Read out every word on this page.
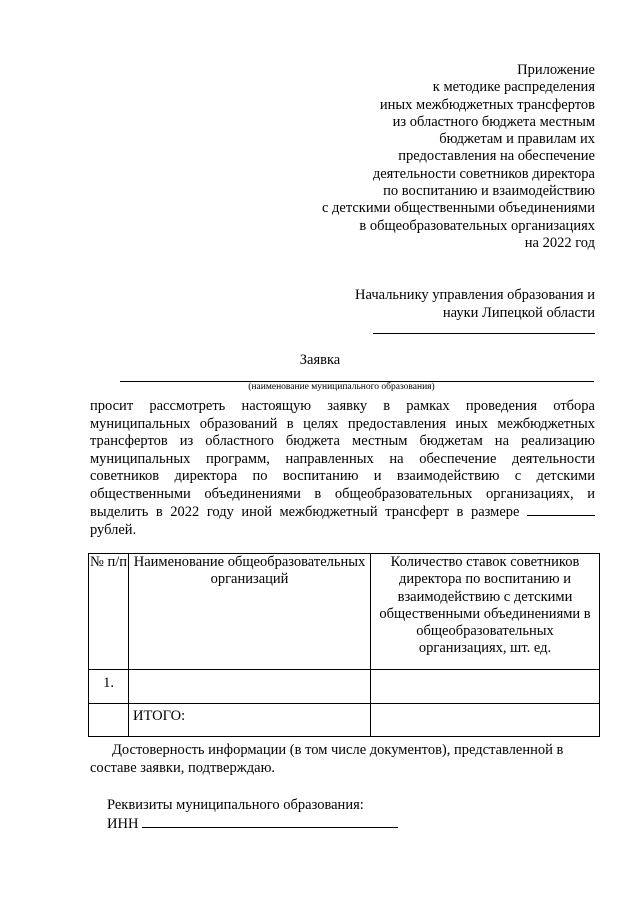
Приложение
к методике распределения
иных межбюджетных трансфертов
из областного бюджета местным
бюджетам и правилам их
предоставления на обеспечение
деятельности советников директора
по воспитанию и взаимодействию
с детскими общественными объединениями
в общеобразовательных организациях
на 2022 год
Начальнику управления образования и
науки Липецкой области
Заявка
(наименование муниципального образования)
просит рассмотреть настоящую заявку в рамках проведения отбора муниципальных образований в целях предоставления иных межбюджетных трансфертов из областного бюджета местным бюджетам на реализацию муниципальных программ, направленных на обеспечение деятельности советников директора по воспитанию и взаимодействию с детскими общественными объединениями в общеобразовательных организациях, и выделить в 2022 году иной межбюджетный трансферт в размере  рублей.
№ п/п	Наименование общеобразовательных организаций	Количество ставок советников директора по воспитанию и взаимодействию с детскими общественными объединениями в общеобразовательных организациях, шт. ед.
1.		
	ИТОГО:	
Достоверность информации (в том числе документов), представленной в составе заявки, подтверждаю.
Реквизиты муниципального образования:
ИНН
